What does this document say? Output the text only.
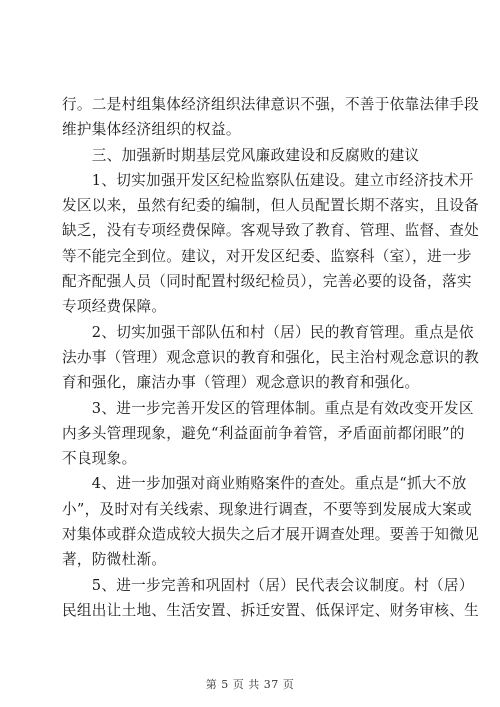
行。二是村组集体经济组织法律意识不强，不善于依靠法律手段
维护集体经济组织的权益。
　　三、加强新时期基层党风廉政建设和反腐败的建议
　　1、切实加强开发区纪检监察队伍建设。建立市经济技术开
发区以来，虽然有纪委的编制，但人员配置长期不落实，且设备
缺乏，没有专项经费保障。客观导致了教育、管理、监督、查处
等不能完全到位。建议，对开发区纪委、监察科（室），进一步
配齐配强人员（同时配置村级纪检员），完善必要的设备，落实
专项经费保障。
　　2、切实加强干部队伍和村（居）民的教育管理。重点是依
法办事（管理）观念意识的教育和强化，民主治村观念意识的教
育和强化，廉洁办事（管理）观念意识的教育和强化。
　　3、进一步完善开发区的管理体制。重点是有效改变开发区
内多头管理现象，避免“利益面前争着管，矛盾面前都闭眼”的
不良现象。
　　4、进一步加强对商业贿赂案件的查处。重点是“抓大不放
小”，及时对有关线索、现象进行调查，不要等到发展成大案或
对集体或群众造成较大损失之后才展开调查处理。要善于知微见
著，防微杜渐。
　　5、进一步完善和巩固村（居）民代表会议制度。村（居）
民组出让土地、生活安置、拆迁安置、低保评定、财务审核、生
第 5 页 共 37 页
